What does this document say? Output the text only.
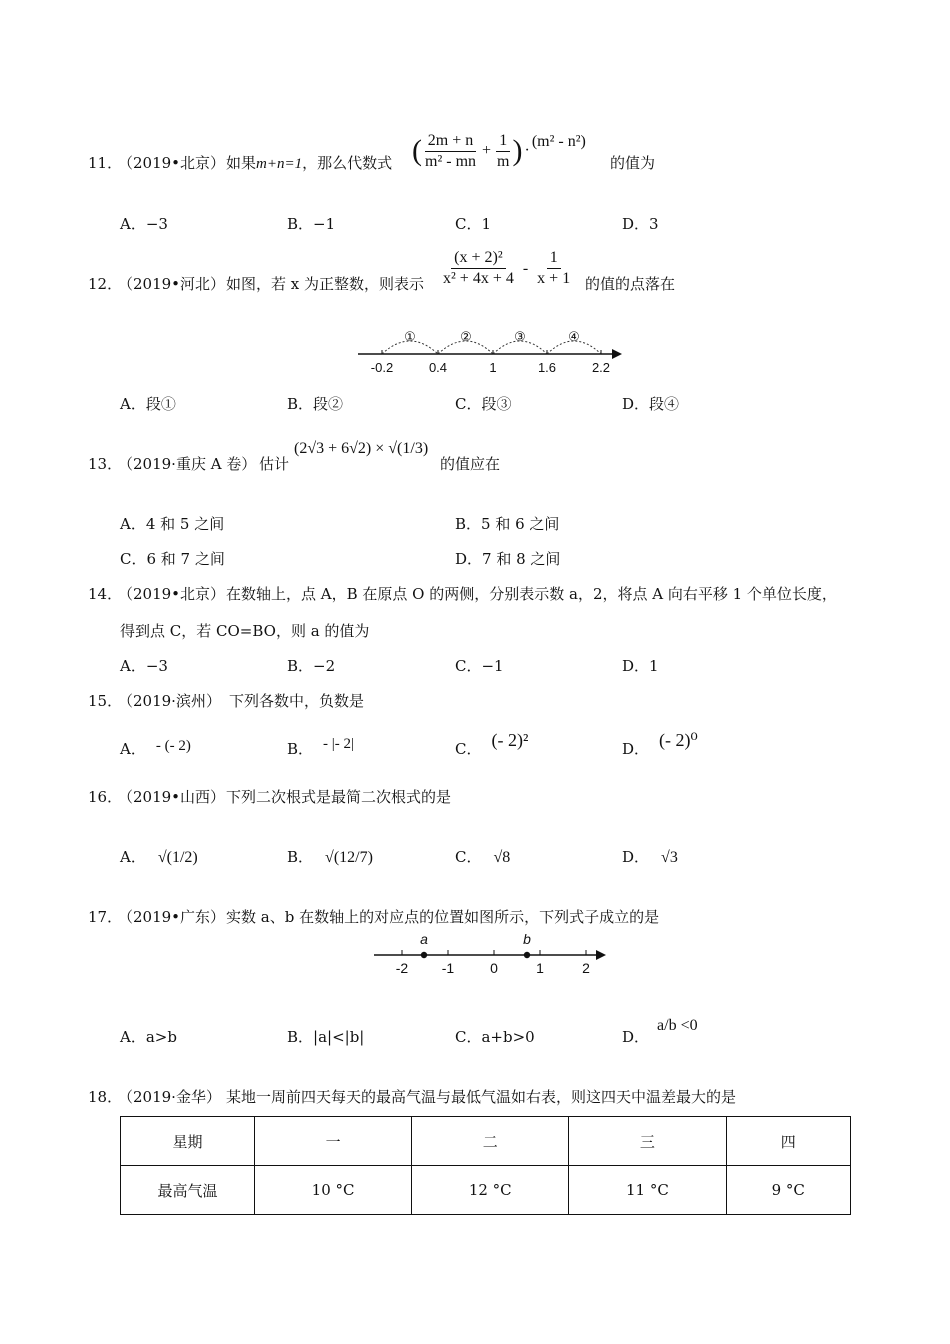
11．
（2019•北京） 如果m+n=1，那么代数式 ( $\frac{2m + n}{\text{m² - mn}} + \frac{1}{m}$ ) ·
(m² - n²)
的值为
A．−3	B．−1	C．1	D．3
12．
（2019•河北） 如图，若 x 为正整数，则表示 $\frac{\text{(x + 2)²}}{\text{x² + 4x + 4}} - \frac{1}{x + 1}$ 的值的点落在
①	②	③	④
-0.2	0.4	1	1.6	2.2
A．段①	B．段②	C．段③	D．段④
13．
（2019·重庆 A 卷） 估计
(2√3 + 6√2) × √(1/3)
的值应在
A．4 和 5 之间	B．5 和 6 之间
C．6 和 7 之间	D．7 和 8 之间
14．
（2019•北京） 在数轴上，点 A，B 在原点 O 的两侧，分别表示数 a，2，将点 A 向右平移 1 个单位长度，
得到点 C，若 CO=BO，则 a 的值为
A．−3	B．−2	C．−1	D．1
15．
（2019·滨州） 下列各数中，负数是
A． - (- 2)	B． - |- 2|	C． (- 2)²	D． (- 2)⁰
16．
（2019•山西） 下列二次根式是最简二次根式的是
A． √(1/2)	B． √(12/7)	C． √8	D． √3
17．
（2019•广东） 实数 a、b 在数轴上的对应点的位置如图所示，下列式子成立的是
a	b
-2 -1	0	1	2
A．a>b	B．|a|<|b|	C．a+b>0	D．a/b <0
18．
（2019·金华） 某地一周前四天每天的最高气温与最低气温如右表，则这四天中温差最大的是
星期	一	二	三	四
最高气温	10 °C	12 °C	11 °C	9 °C
